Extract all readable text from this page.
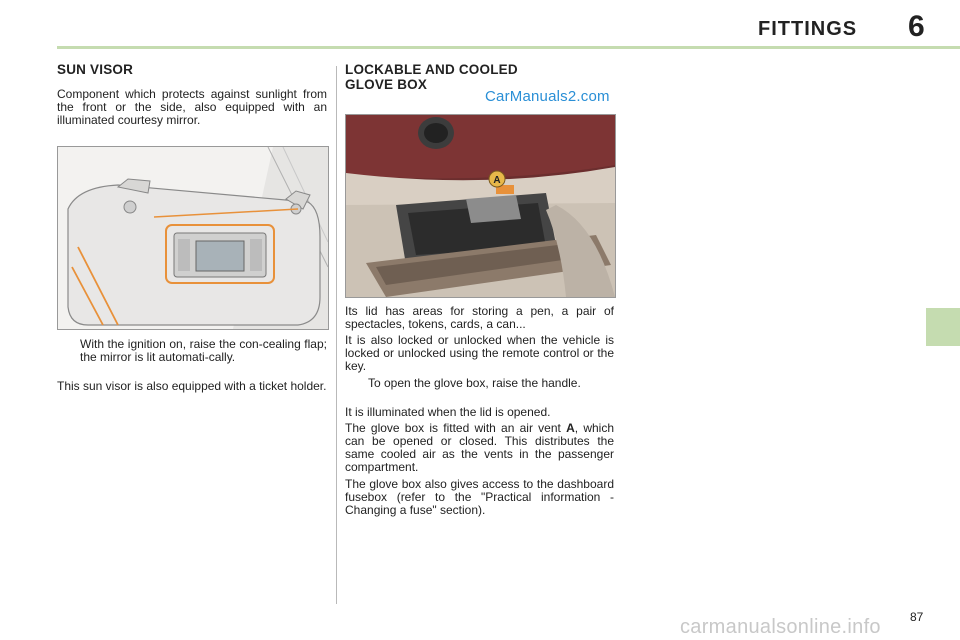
FITTINGS 6
SUN VISOR

Component which protects against sunlight from the front or the side, also equipped with an illuminated courtesy mirror.

With the ignition on, raise the con-cealing flap; the mirror is lit automati-cally.

This sun visor is also equipped with a ticket holder.

LOCKABLE AND COOLED
GLOVE BOX
CarManuals2.com
A

Its lid has areas for storing a pen, a pair of spectacles, tokens, cards, a can...

It is also locked or unlocked when the vehicle is locked or unlocked using the remote control or the key.

To open the glove box, raise the handle.

It is illuminated when the lid is opened.

The glove box is fitted with an air vent A, which can be opened or closed. This distributes the same cooled air as the vents in the passenger compartment.

The glove box also gives access to the dashboard fusebox (refer to the "Practical information - Changing a fuse" section).

87
carmanualsonline.info
